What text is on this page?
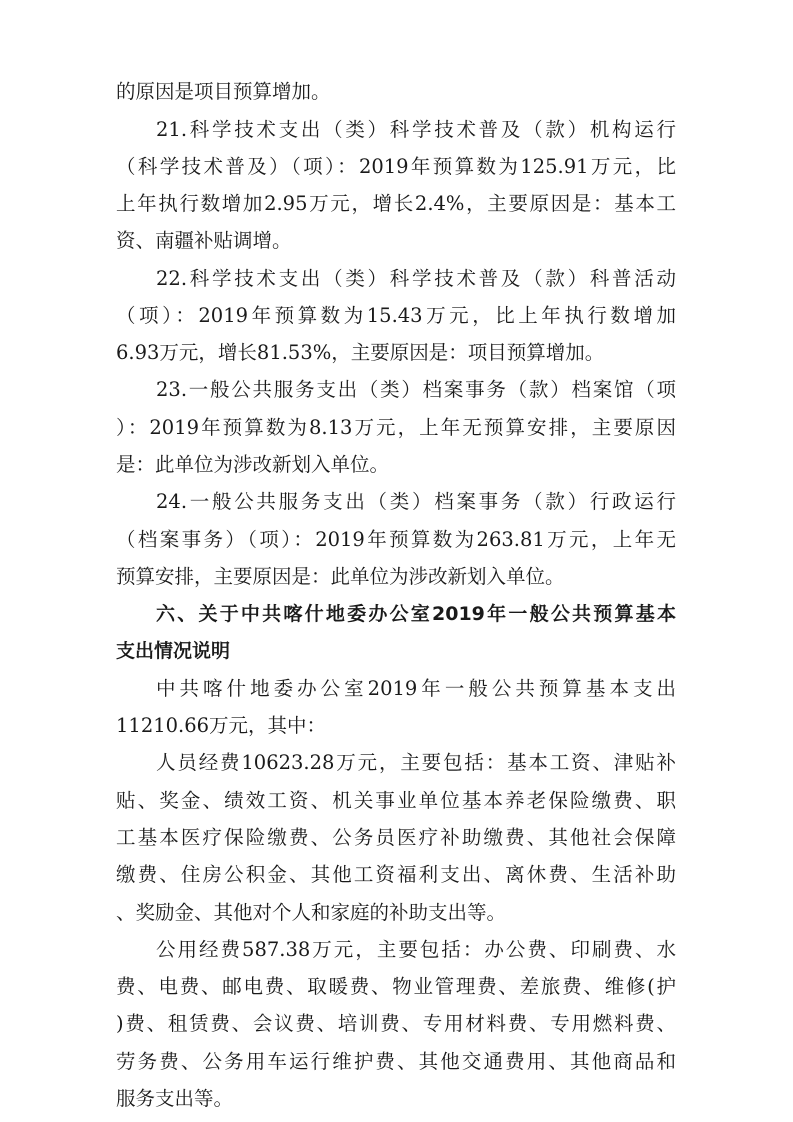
的原因是项目预算增加。
21.科学技术支出（类）科学技术普及（款）机构运行
（科学技术普及）（项）：2019年预算数为125.91万元，比
上年执行数增加2.95万元，增长2.4%，主要原因是：基本工
资、南疆补贴调增。
22.科学技术支出（类）科学技术普及（款）科普活动
（项）：2019年预算数为15.43万元，比上年执行数增加
6.93万元，增长81.53%，主要原因是：项目预算增加。
23.一般公共服务支出（类）档案事务（款）档案馆（项
）：2019年预算数为8.13万元，上年无预算安排，主要原因
是：此单位为涉改新划入单位。
24.一般公共服务支出（类）档案事务（款）行政运行
（档案事务）（项）：2019年预算数为263.81万元，上年无
预算安排，主要原因是：此单位为涉改新划入单位。
六、关于中共喀什地委办公室2019年一般公共预算基本
支出情况说明
中共喀什地委办公室2019年一般公共预算基本支出
11210.66万元，其中：
人员经费10623.28万元，主要包括：基本工资、津贴补
贴、奖金、绩效工资、机关事业单位基本养老保险缴费、职
工基本医疗保险缴费、公务员医疗补助缴费、其他社会保障
缴费、住房公积金、其他工资福利支出、离休费、生活补助
、奖励金、其他对个人和家庭的补助支出等。
公用经费587.38万元，主要包括：办公费、印刷费、水
费、电费、邮电费、取暖费、物业管理费、差旅费、维修(护
)费、租赁费、会议费、培训费、专用材料费、专用燃料费、
劳务费、公务用车运行维护费、其他交通费用、其他商品和
服务支出等。
